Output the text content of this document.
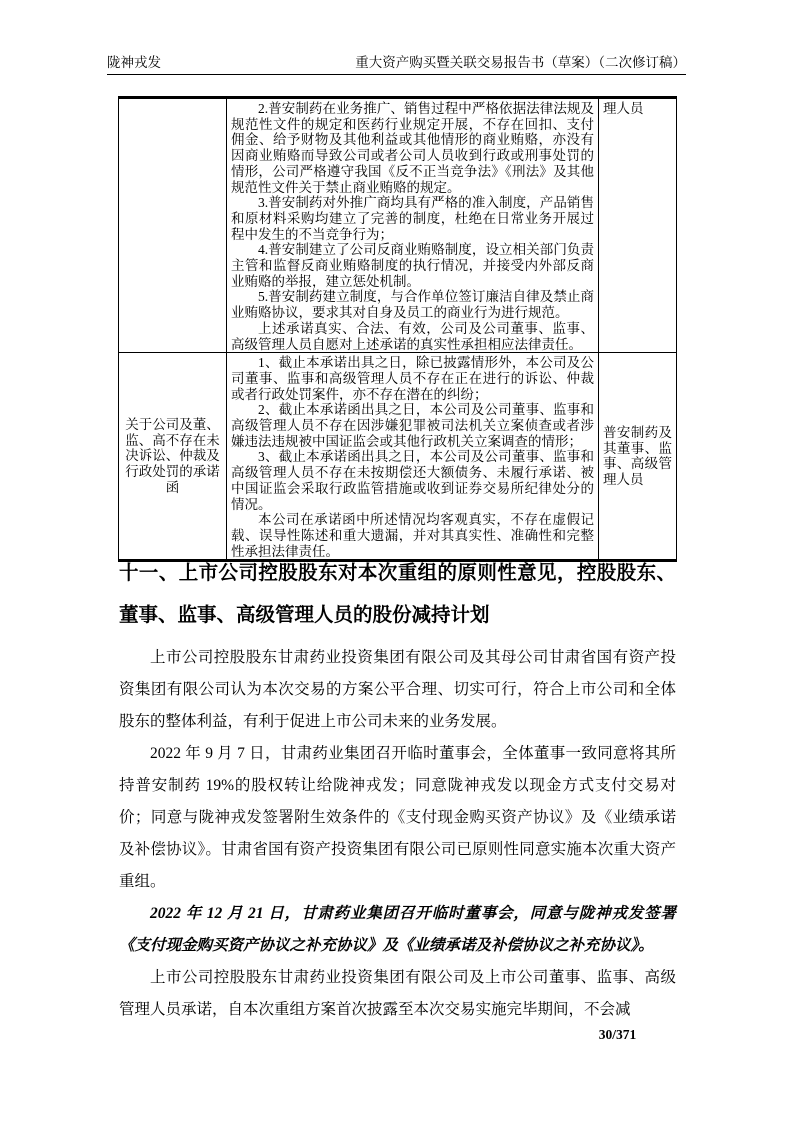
陇神戎发	重大资产购买暨关联交易报告书（草案）（二次修订稿）

	2.普安制药在业务推广、销售过程中严格依据法律法规及规范性文件的规定和医药行业规定开展，不存在回扣、支付佣金、给予财物及其他利益或其他情形的商业贿赂，亦没有因商业贿赂而导致公司或者公司人员收到行政或刑事处罚的情形，公司严格遵守我国《反不正当竞争法》《刑法》及其他规范性文件关于禁止商业贿赂的规定。

3.普安制药对外推广商均具有严格的准入制度，产品销售和原材料采购均建立了完善的制度，杜绝在日常业务开展过程中发生的不当竞争行为；

4.普安制建立了公司反商业贿赂制度，设立相关部门负责主管和监督反商业贿赂制度的执行情况，并接受内外部反商业贿赂的举报，建立惩处机制。

5.普安制药建立制度，与合作单位签订廉洁自律及禁止商业贿赂协议，要求其对自身及员工的商业行为进行规范。

上述承诺真实、合法、有效，公司及公司董事、监事、高级管理人员自愿对上述承诺的真实性承担相应法律责任。	理人员
关于公司及董、监、高不存在未决诉讼、仲裁及行政处罚的承诺函	1、截止本承诺出具之日，除已披露情形外，本公司及公司董事、监事和高级管理人员不存在正在进行的诉讼、仲裁或者行政处罚案件，亦不存在潜在的纠纷；

2、截止本承诺函出具之日，本公司及公司董事、监事和高级管理人员不存在因涉嫌犯罪被司法机关立案侦查或者涉嫌违法违规被中国证监会或其他行政机关立案调查的情形；

3、截止本承诺函出具之日，本公司及公司董事、监事和高级管理人员不存在未按期偿还大额债务、未履行承诺、被中国证监会采取行政监管措施或收到证券交易所纪律处分的情况。

本公司在承诺函中所述情况均客观真实，不存在虚假记载、误导性陈述和重大遗漏，并对其真实性、准确性和完整性承担法律责任。	普安制药及其董事、监事、高级管理人员
十一、上市公司控股股东对本次重组的原则性意见，控股股东、董事、监事、高级管理人员的股份减持计划

上市公司控股股东甘肃药业投资集团有限公司及其母公司甘肃省国有资产投资集团有限公司认为本次交易的方案公平合理、切实可行，符合上市公司和全体股东的整体利益，有利于促进上市公司未来的业务发展。

2022 年 9 月 7 日，甘肃药业集团召开临时董事会，全体董事一致同意将其所持普安制药 19%的股权转让给陇神戎发；同意陇神戎发以现金方式支付交易对价；同意与陇神戎发签署附生效条件的《支付现金购买资产协议》及《业绩承诺及补偿协议》。甘肃省国有资产投资集团有限公司已原则性同意实施本次重大资产重组。

2022 年 12 月 21 日，甘肃药业集团召开临时董事会，同意与陇神戎发签署《支付现金购买资产协议之补充协议》及《业绩承诺及补偿协议之补充协议》。

上市公司控股股东甘肃药业投资集团有限公司及上市公司董事、监事、高级管理人员承诺，自本次重组方案首次披露至本次交易实施完毕期间，不会减

30/371
